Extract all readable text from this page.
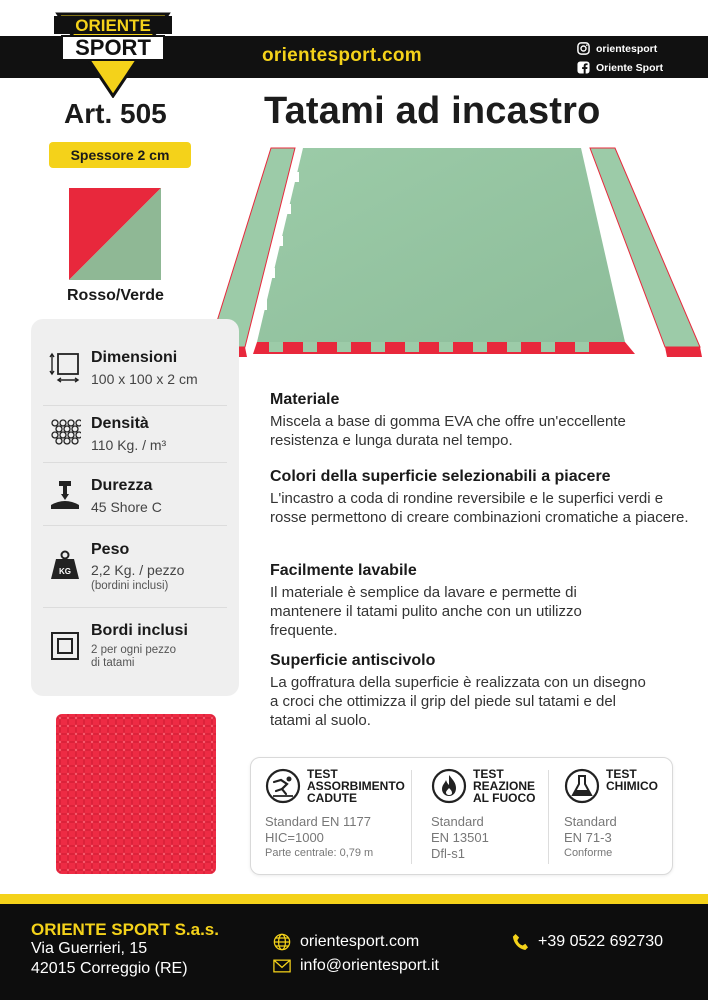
ORIENTE
SPORT	orientesport.com	orientesport
Oriente Sport
Art. 505	Tatami ad incastro
Spessore 2 cm
Rosso/Verde
Dimensioni
100 x 100 x 2 cm
Densità
110 Kg. / m³
Durezza
45 Shore C
KG
Peso
2,2 Kg. / pezzo
(bordini inclusi)
Bordi inclusi
2 per ogni pezzo
di tatami
Materiale

Miscela a base di gomma EVA che offre un'eccellente resistenza e lunga durata nel tempo.

Colori della superficie selezionabili a piacere

L'incastro a coda di rondine reversibile e le superfici verdi e rosse permettono di creare combinazioni cromatiche a piacere.

Facilmente lavabile

Il materiale è semplice da lavare e permette di mantenere il tatami pulito anche con un utilizzo frequente.

Superficie antiscivolo

La goffratura della superficie è realizzata con un disegno a croci che ottimizza il grip del piede sul tatami e del tatami al suolo.

TEST
ASSORBIMENTO
CADUTE
Standard EN 1177
HIC=1000
Parte centrale: 0,79 m
TEST
REAZIONE
AL FUOCO
Standard
EN 13501
Dfl-s1
TEST
CHIMICO
Standard
EN 71-3
Conforme
ORIENTE SPORT S.a.s.
Via Guerrieri, 15
42015 Correggio (RE)
orientesport.com
info@orientesport.it
+39 0522 692730
